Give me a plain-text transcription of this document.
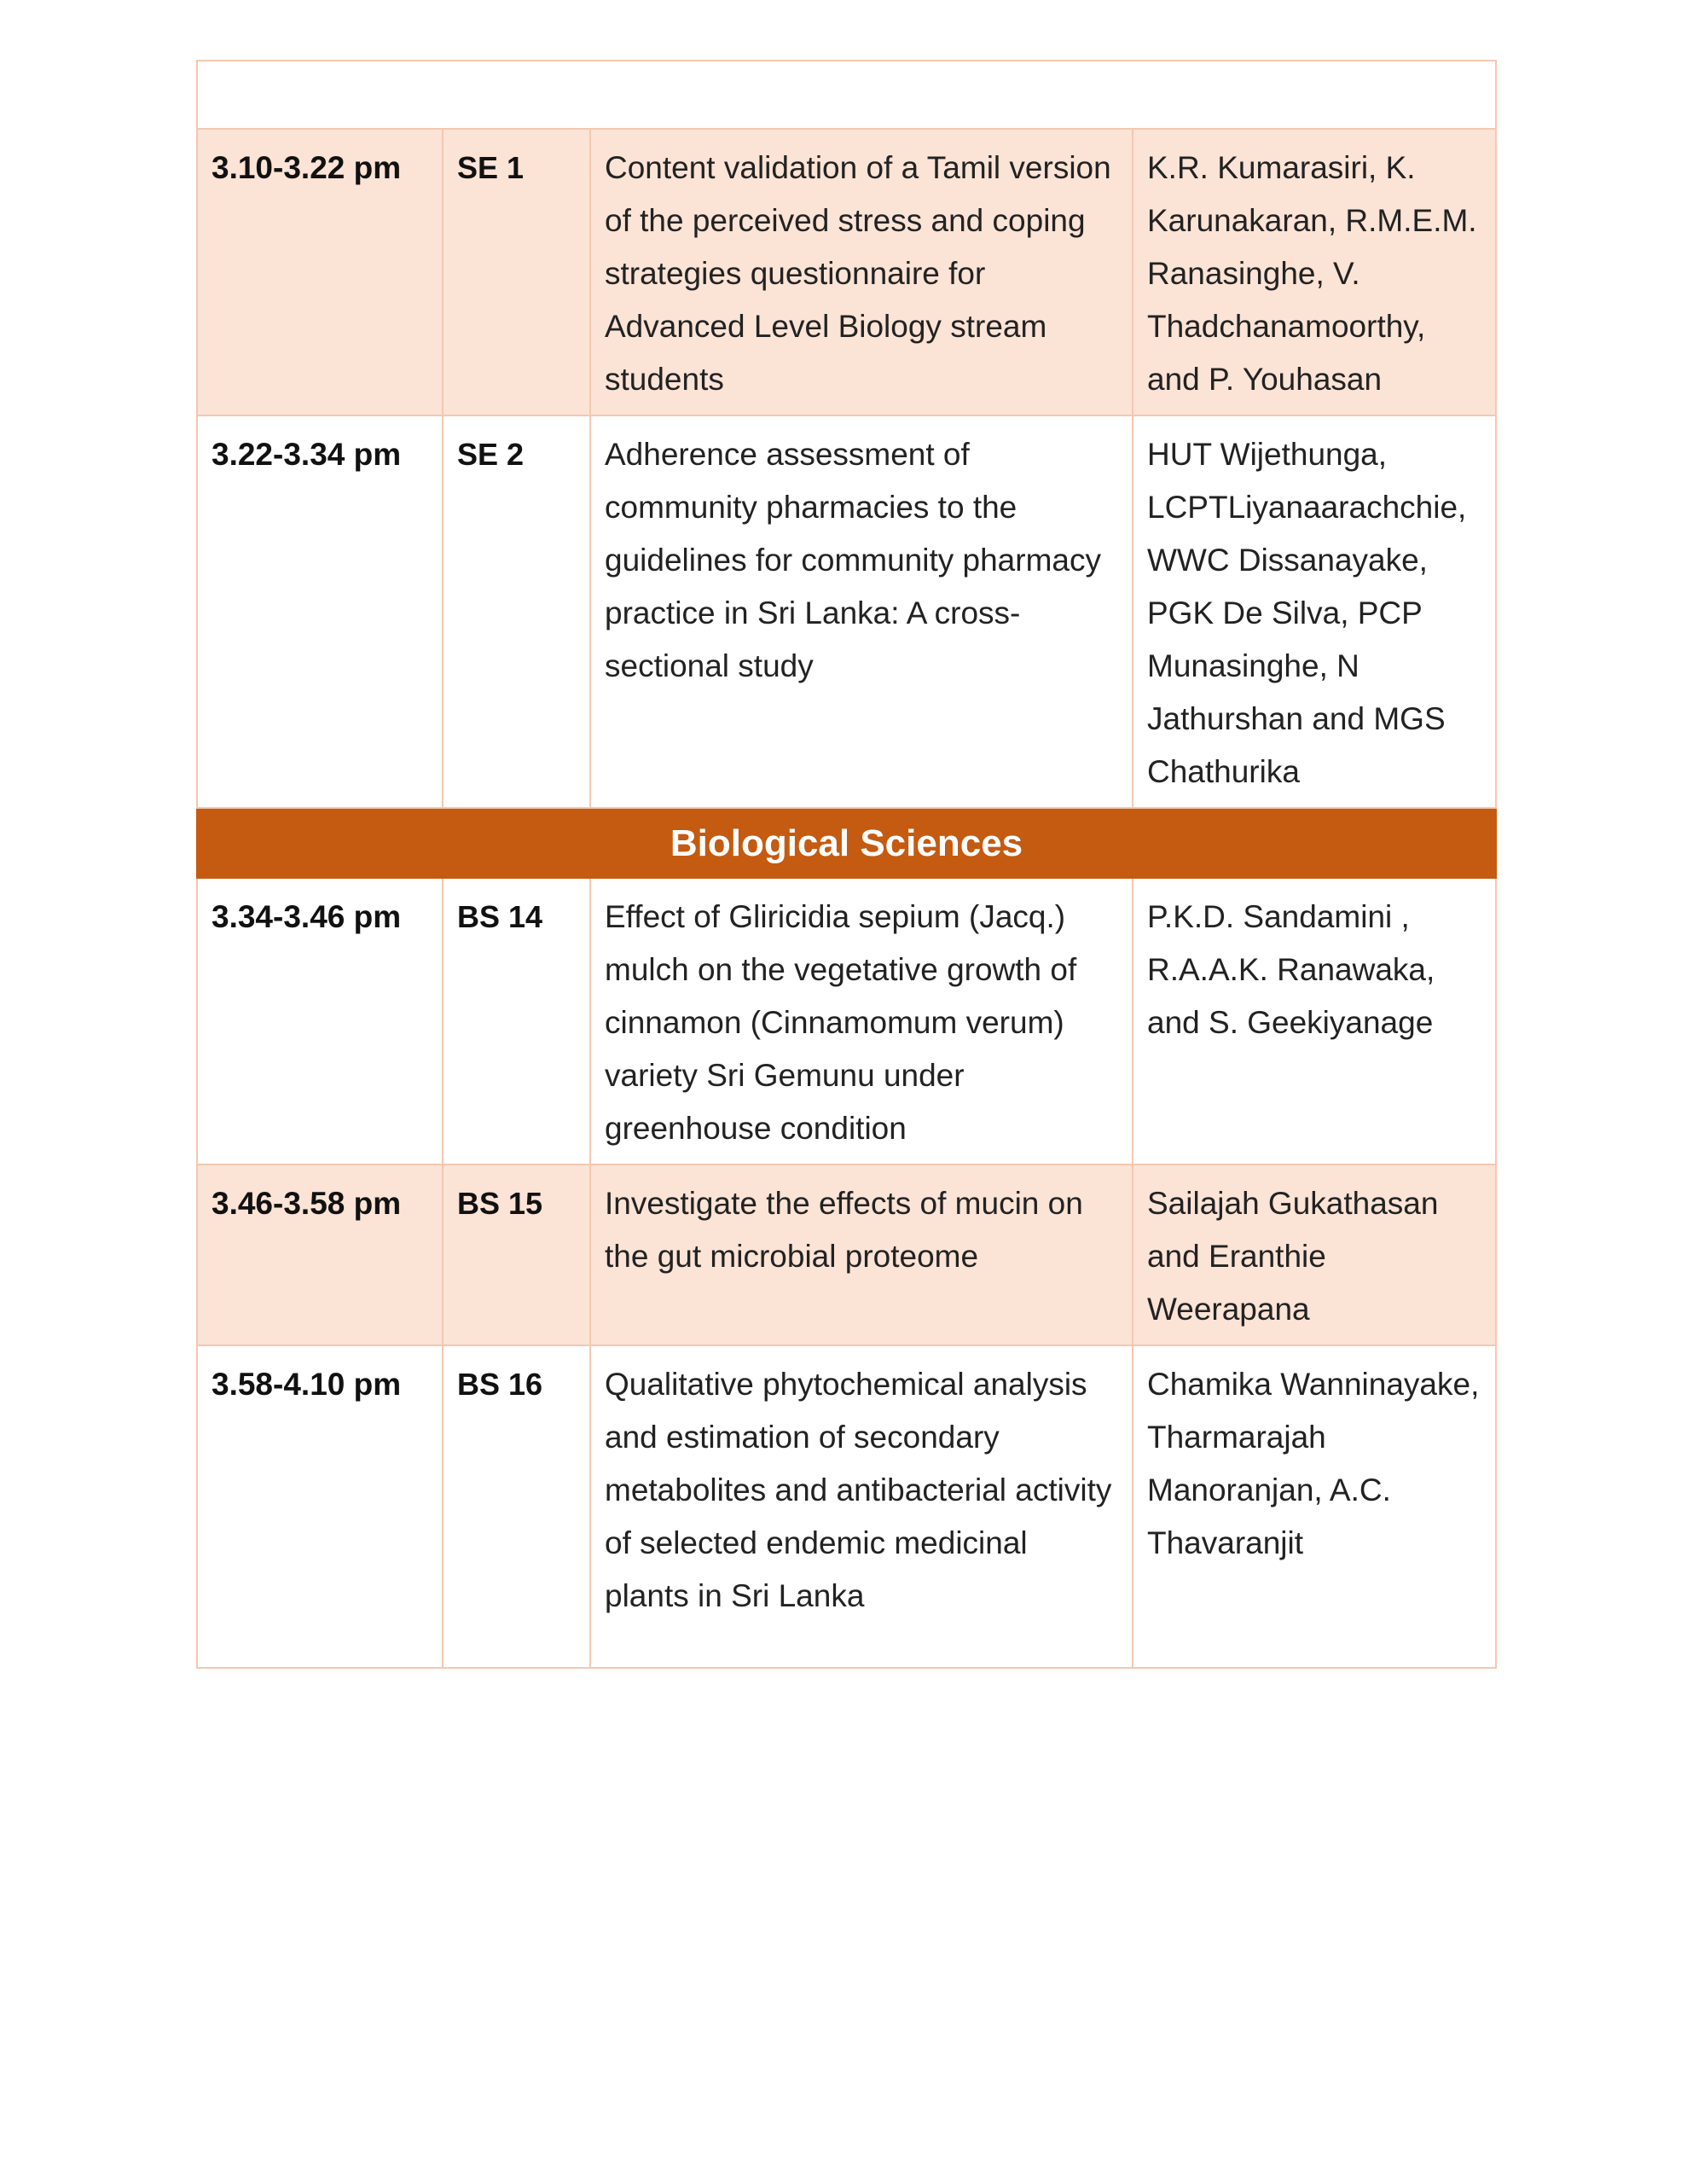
3.10-3.22 pm	SE 1	Content validation of a Tamil version of the perceived stress and coping strategies questionnaire for Advanced Level Biology stream students	K.R. Kumarasiri, K. Karunakaran, R.M.E.M. Ranasinghe, V. Thadchanamoorthy, and P. Youhasan
3.22-3.34 pm	SE 2	Adherence assessment of community pharmacies to the guidelines for community pharmacy practice in Sri Lanka: A cross-sectional study	HUT Wijethunga, LCPTLiyanaarachchie, WWC Dissanayake, PGK De Silva, PCP Munasinghe, N Jathurshan and MGS Chathurika
Biological Sciences			
3.34-3.46 pm	BS 14	Effect of Gliricidia sepium (Jacq.) mulch on the vegetative growth of cinnamon (Cinnamomum verum) variety Sri Gemunu under greenhouse condition	P.K.D. Sandamini , R.A.A.K. Ranawaka, and S. Geekiyanage
3.46-3.58 pm	BS 15	Investigate the effects of mucin on the gut microbial proteome	Sailajah Gukathasan and Eranthie Weerapana
3.58-4.10 pm	BS 16	Qualitative phytochemical analysis and estimation of secondary metabolites and antibacterial activity of selected endemic medicinal plants in Sri Lanka	Chamika Wanninayake, Tharmarajah Manoranjan, A.C. Thavaranjit
